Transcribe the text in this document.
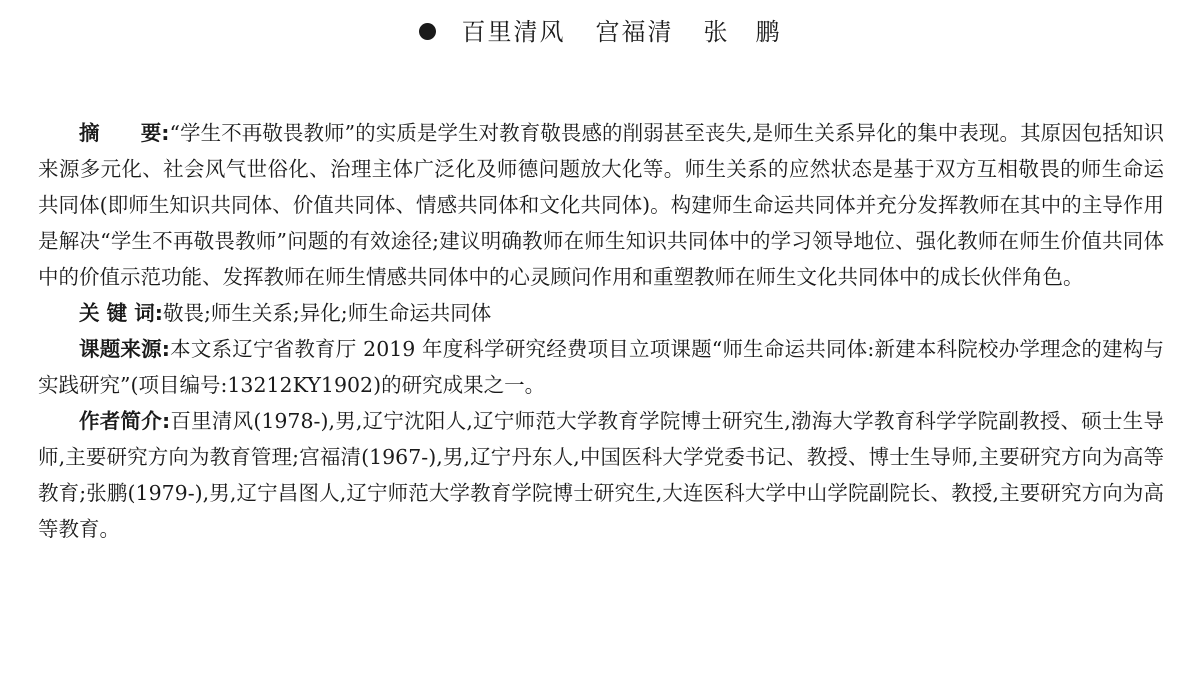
百里清风 宫福清 张　鹏

摘　　要:“学生不再敬畏教师”的实质是学生对教育敬畏感的削弱甚至丧失,是师生关系异化的集中表现。其原因包括知识来源多元化、社会风气世俗化、治理主体广泛化及师德问题放大化等。师生关系的应然状态是基于双方互相敬畏的师生命运共同体(即师生知识共同体、价值共同体、情感共同体和文化共同体)。构建师生命运共同体并充分发挥教师在其中的主导作用是解决“学生不再敬畏教师”问题的有效途径;建议明确教师在师生知识共同体中的学习领导地位、强化教师在师生价值共同体中的价值示范功能、发挥教师在师生情感共同体中的心灵顾问作用和重塑教师在师生文化共同体中的成长伙伴角色。

关 键 词:敬畏;师生关系;异化;师生命运共同体

课题来源:本文系辽宁省教育厅 2019 年度科学研究经费项目立项课题“师生命运共同体:新建本科院校办学理念的建构与实践研究”(项目编号:13212KY1902)的研究成果之一。

作者简介:百里清风(1978-),男,辽宁沈阳人,辽宁师范大学教育学院博士研究生,渤海大学教育科学学院副教授、硕士生导师,主要研究方向为教育管理;宫福清(1967-),男,辽宁丹东人,中国医科大学党委书记、教授、博士生导师,主要研究方向为高等教育;张鹏(1979-),男,辽宁昌图人,辽宁师范大学教育学院博士研究生,大连医科大学中山学院副院长、教授,主要研究方向为高等教育。
